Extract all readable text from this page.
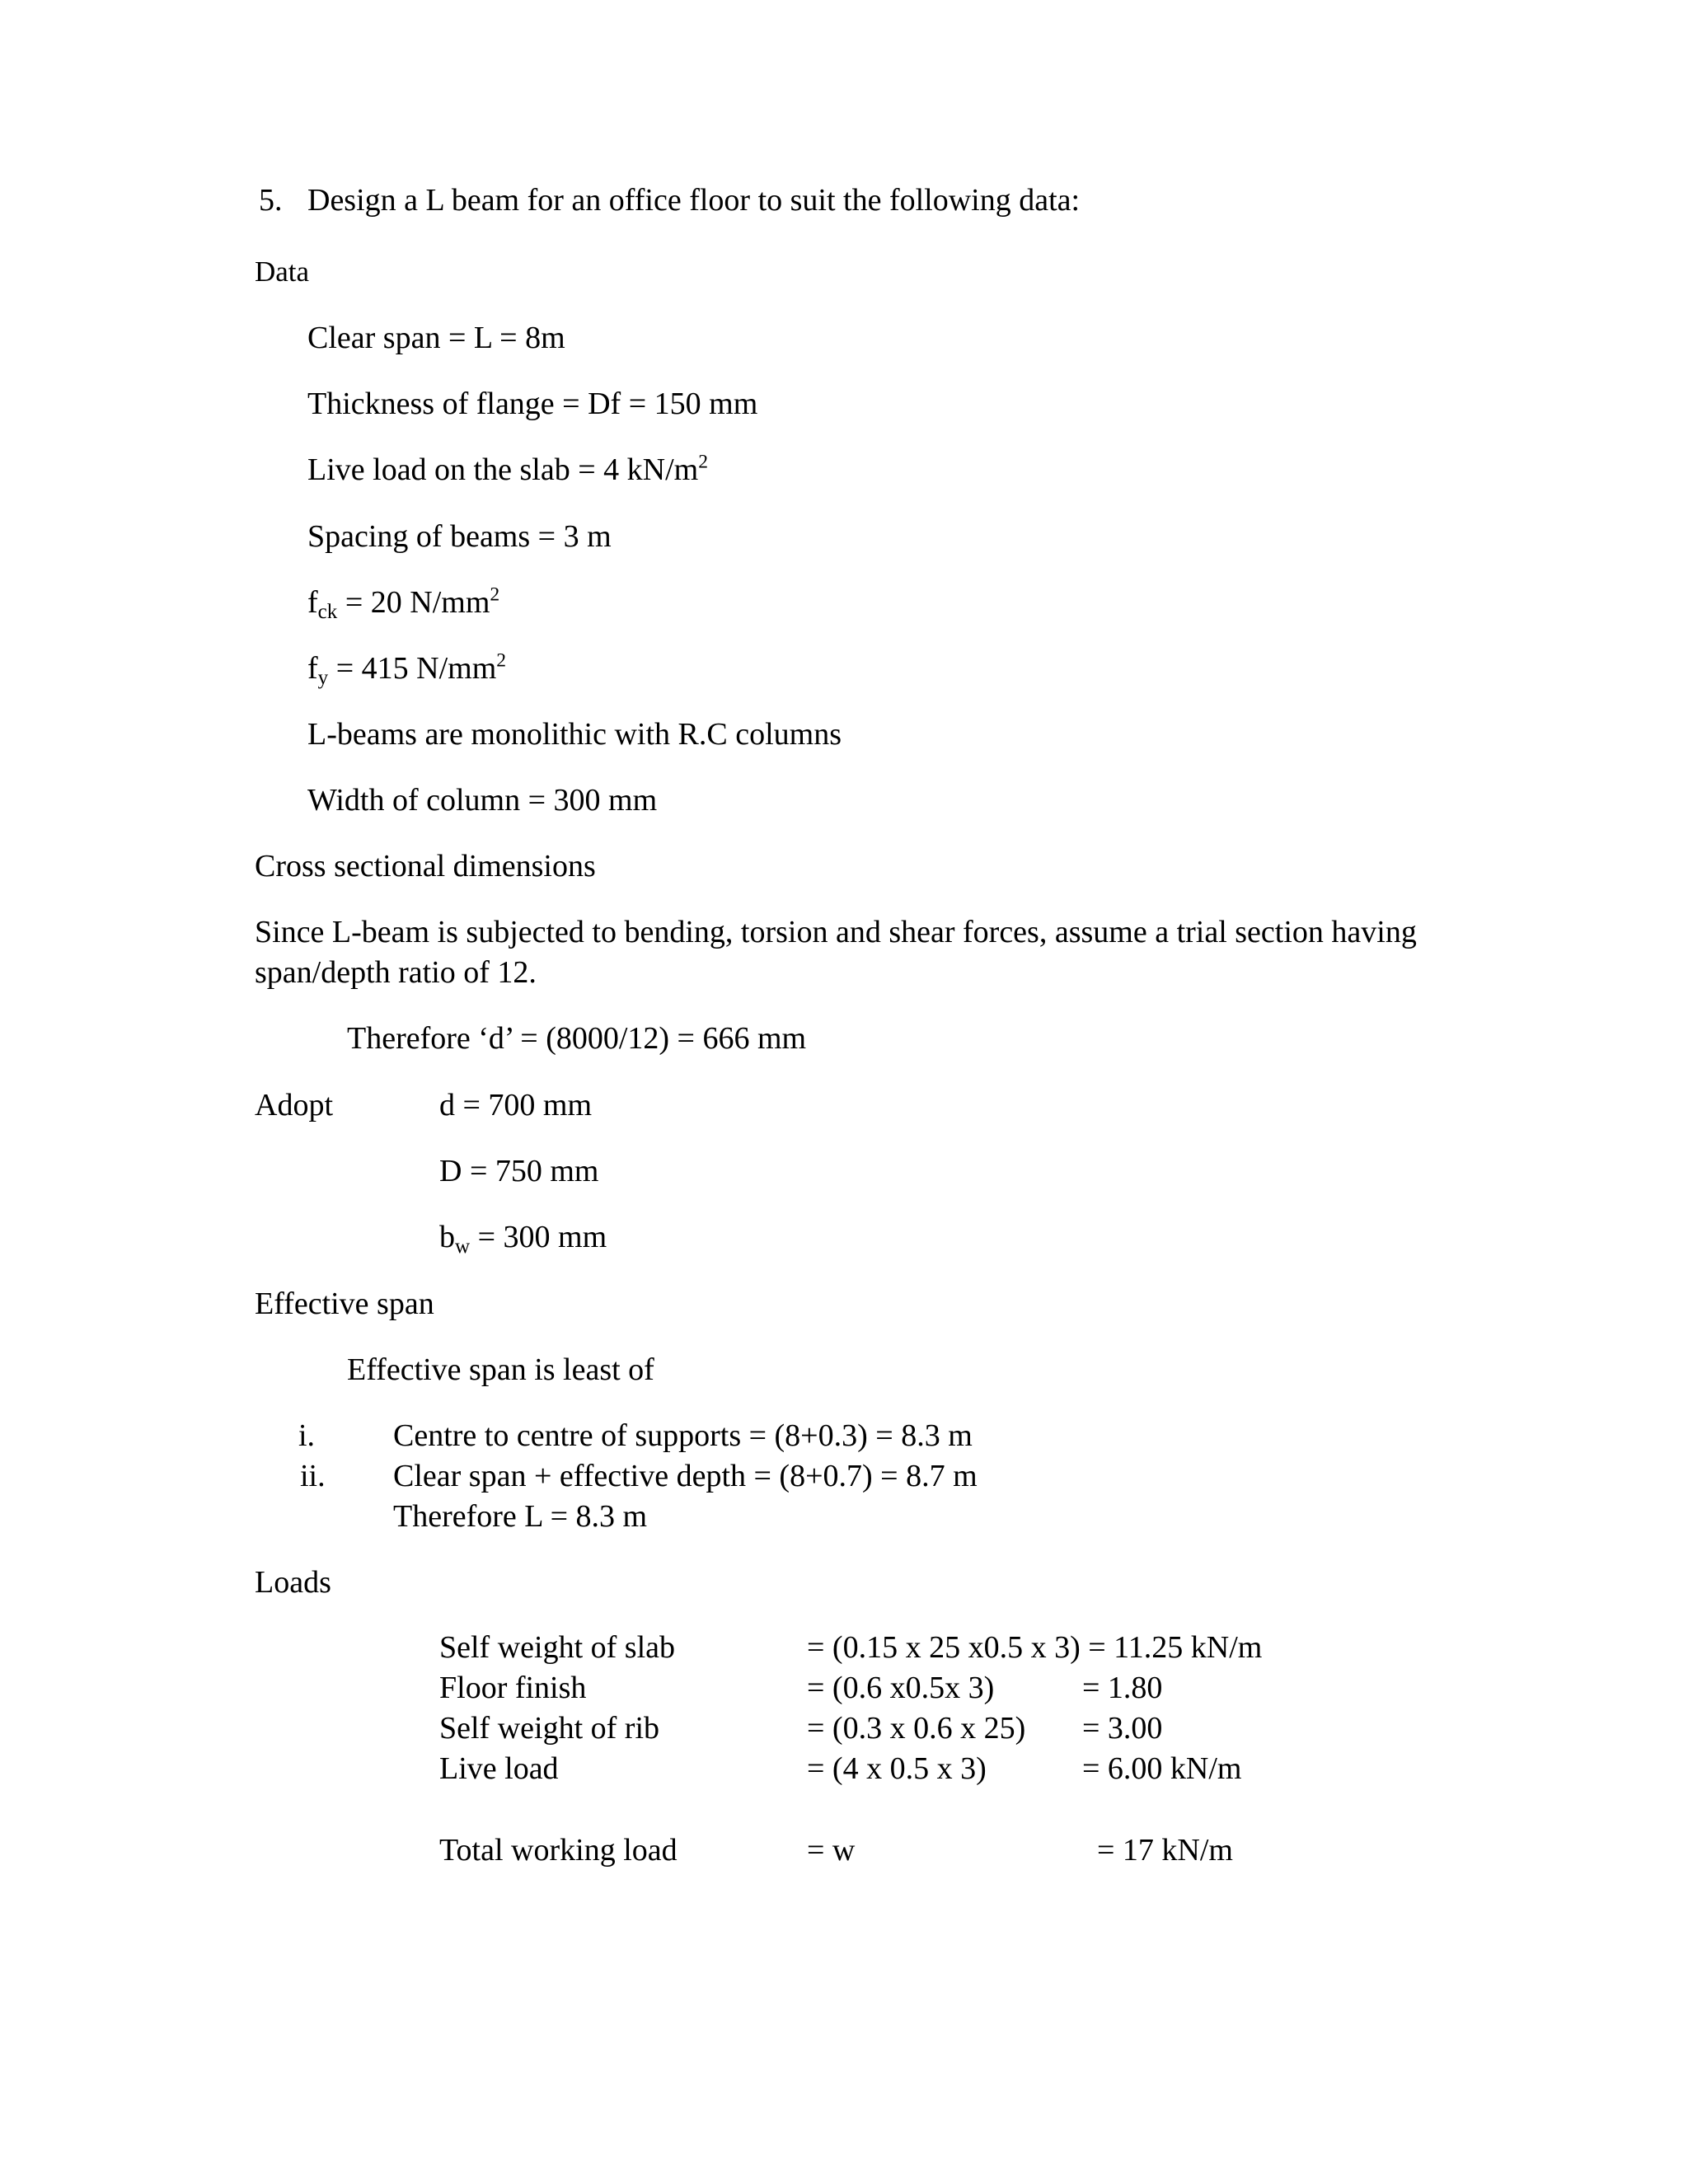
5. Design a L beam for an office floor to suit the following data:
Data
Clear span = L = 8m
Thickness of flange = Df = 150 mm
Live load on the slab = 4 $kN/m^2$
Spacing of beams = 3 m
$f_{ck} = 20$ $N/mm^2$
$f_y = 415$ $N/mm^2$
L-beams are monolithic with R.C columns
Width of column = 300 mm
Cross sectional dimensions
Since L-beam is subjected to bending, torsion and shear forces, assume a trial section having
span/depth ratio of 12.
Therefore ‘d’ = (8000/12) = 666 mm
Adopt	d = 700 mm
D = 750 mm
$b_w = 300$ mm
Effective span
Effective span is least of
i. Centre to centre of supports = (8+0.3) = 8.3 m
ii. Clear span + effective depth = (8+0.7) = 8.7 m
Therefore L = 8.3 m
Loads
Self weight of slab	= (0.15 x 25 x0.5 x 3) = 11.25 kN/m
Floor finish	= (0.6 x0.5x 3)	= 1.80
Self weight of rib	= (0.3 x 0.6 x 25) = 3.00
Live load	= (4 x 0.5 x 3)	= 6.00 kN/m
Total working load	= w	= 17 kN/m
